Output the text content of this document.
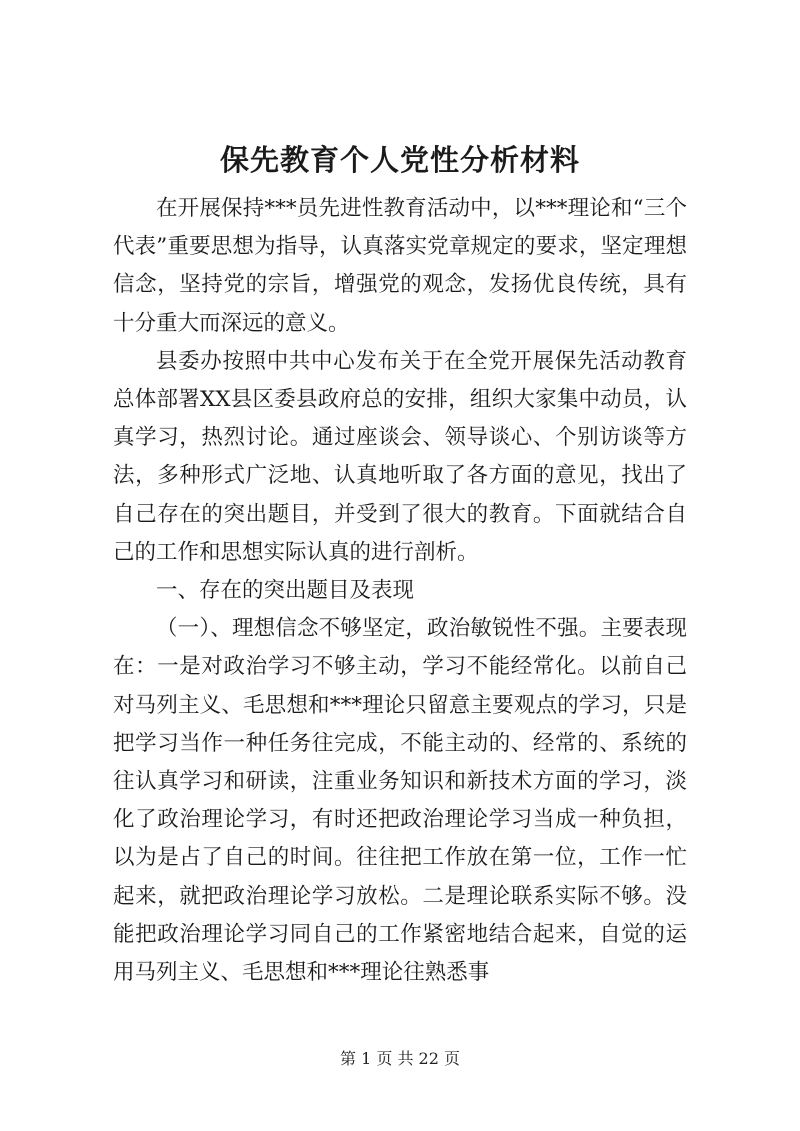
保先教育个人党性分析材料

在开展保持***员先进性教育活动中，以***理论和“三个代表”重要思想为指导，认真落实党章规定的要求，坚定理想信念，坚持党的宗旨，增强党的观念，发扬优良传统，具有十分重大而深远的意义。

县委办按照中共中心发布关于在全党开展保先活动教育总体部署XX县区委县政府总的安排，组织大家集中动员，认真学习，热烈讨论。通过座谈会、领导谈心、个别访谈等方法，多种形式广泛地、认真地听取了各方面的意见，找出了自己存在的突出题目，并受到了很大的教育。下面就结合自己的工作和思想实际认真的进行剖析。

一、存在的突出题目及表现

（一）、理想信念不够坚定，政治敏锐性不强。主要表现在：一是对政治学习不够主动，学习不能经常化。以前自己对马列主义、毛思想和***理论只留意主要观点的学习，只是把学习当作一种任务往完成，不能主动的、经常的、系统的往认真学习和研读，注重业务知识和新技术方面的学习，淡化了政治理论学习，有时还把政治理论学习当成一种负担，以为是占了自己的时间。往往把工作放在第一位，工作一忙起来，就把政治理论学习放松。二是理论联系实际不够。没能把政治理论学习同自己的工作紧密地结合起来，自觉的运用马列主义、毛思想和***理论往熟悉事

第 1 页 共 22 页
